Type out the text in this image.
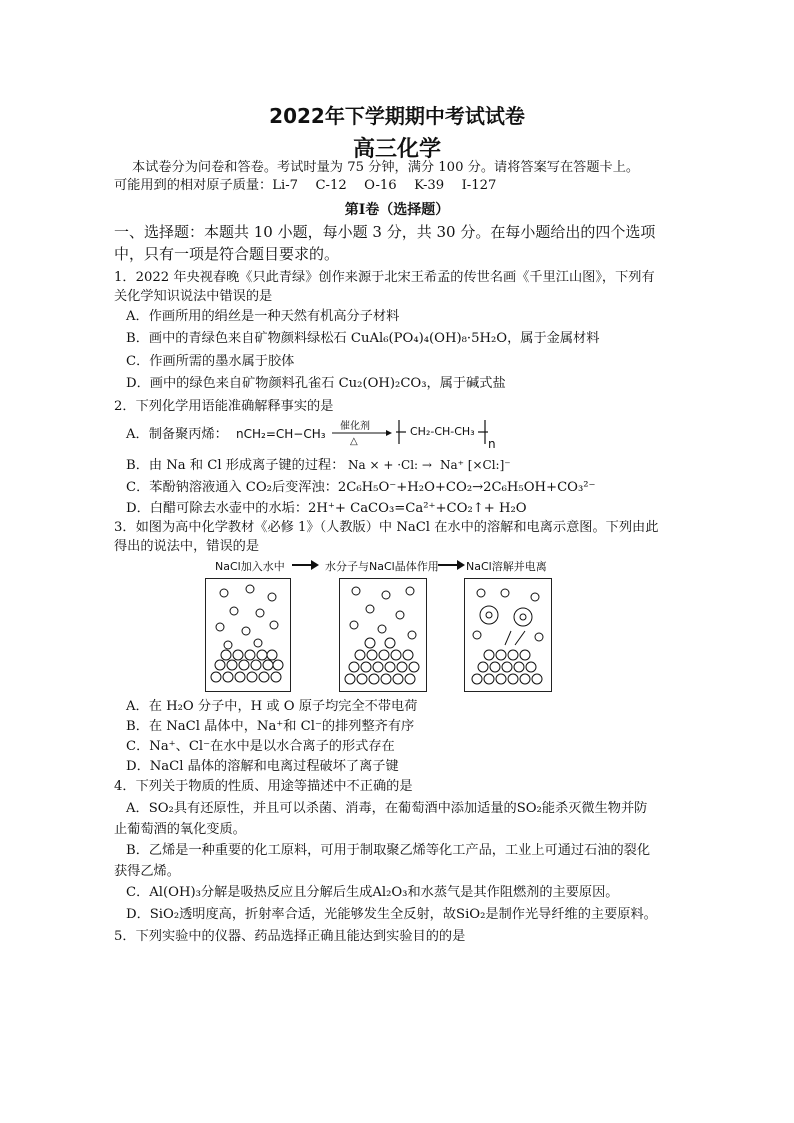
2022年下学期期中考试试卷
高三化学
本试卷分为问卷和答卷。考试时量为 75 分钟，满分 100 分。请将答案写在答题卡上。
可能用到的相对原子质量：Li-7　 C-12　 O-16　 K-39　 I-127
第Ⅰ卷（选择题）
一、选择题：本题共 10 小题，每小题 3 分，共 30 分。在每小题给出的四个选项
中，只有一项是符合题目要求的。
1．2022 年央视春晚《只此青绿》创作来源于北宋王希孟的传世名画《千里江山图》，下列有
关化学知识说法中错误的是
A．作画所用的绢丝是一种天然有机高分子材料
B．画中的青绿色来自矿物颜料绿松石 CuAl₆(PO₄)₄(OH)₈·5H₂O，属于金属材料
C．作画所需的墨水属于胶体
D．画中的绿色来自矿物颜料孔雀石 Cu₂(OH)₂CO₃，属于碱式盐
2．下列化学用语能准确解释事实的是
A．制备聚丙烯： nCH₂=CH−CH₃
催化剂
△
CH₂-CH-CH₃
n
B．由 Na 和 Cl 形成离子键的过程： Na × + ·Cl: → Na⁺ [×Cl:]⁻
C．苯酚钠溶液通入 CO₂后变浑浊：2C₆H₅O⁻+H₂O+CO₂→2C₆H₅OH+CO₃²⁻
D．白醋可除去水壶中的水垢：2H⁺+ CaCO₃=Ca²⁺+CO₂↑+ H₂O
3．如图为高中化学教材《必修 1》（人教版）中 NaCl 在水中的溶解和电离示意图。下列由此
得出的说法中，错误的是
NaCl加入水中	水分子与NaCl晶体作用 NaCl溶解并电离
A．在 H₂O 分子中，H 或 O 原子均完全不带电荷
B．在 NaCl 晶体中，Na⁺和 Cl⁻的排列整齐有序
C．Na⁺、Cl⁻在水中是以水合离子的形式存在
D．NaCl 晶体的溶解和电离过程破坏了离子键
4．下列关于物质的性质、用途等描述中不正确的是
A．SO₂具有还原性，并且可以杀菌、消毒，在葡萄酒中添加适量的SO₂能杀灭微生物并防
止葡萄酒的氧化变质。
B．乙烯是一种重要的化工原料，可用于制取聚乙烯等化工产品，工业上可通过石油的裂化
获得乙烯。
C．Al(OH)₃分解是吸热反应且分解后生成Al₂O₃和水蒸气是其作阻燃剂的主要原因。
D．SiO₂透明度高，折射率合适，光能够发生全反射，故SiO₂是制作光导纤维的主要原料。
5．下列实验中的仪器、药品选择正确且能达到实验目的的是
